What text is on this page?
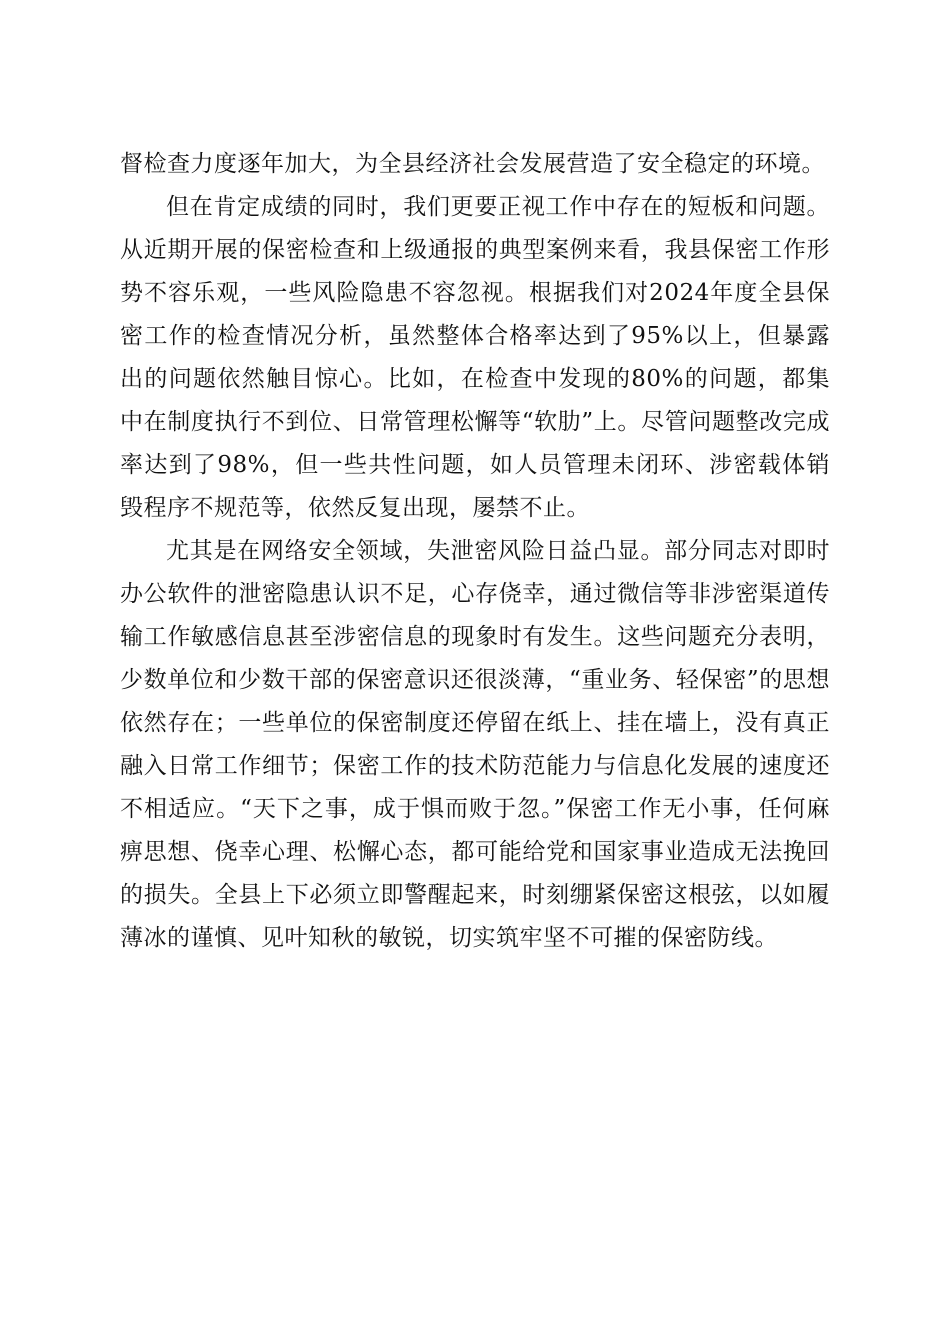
督检查力度逐年加大，为全县经济社会发展营造了安全稳定的环境。

但在肯定成绩的同时，我们更要正视工作中存在的短板和问题。从近期开展的保密检查和上级通报的典型案例来看，我县保密工作形势不容乐观，一些风险隐患不容忽视。根据我们对2024年度全县保密工作的检查情况分析，虽然整体合格率达到了95%以上，但暴露出的问题依然触目惊心。比如，在检查中发现的80%的问题，都集中在制度执行不到位、日常管理松懈等“软肋”上。尽管问题整改完成率达到了98%，但一些共性问题，如人员管理未闭环、涉密载体销毁程序不规范等，依然反复出现，屡禁不止。

尤其是在网络安全领域，失泄密风险日益凸显。部分同志对即时办公软件的泄密隐患认识不足，心存侥幸，通过微信等非涉密渠道传输工作敏感信息甚至涉密信息的现象时有发生。这些问题充分表明，少数单位和少数干部的保密意识还很淡薄，“重业务、轻保密”的思想依然存在；一些单位的保密制度还停留在纸上、挂在墙上，没有真正融入日常工作细节；保密工作的技术防范能力与信息化发展的速度还不相适应。“天下之事，成于惧而败于忽。”保密工作无小事，任何麻痹思想、侥幸心理、松懈心态，都可能给党和国家事业造成无法挽回的损失。全县上下必须立即警醒起来，时刻绷紧保密这根弦，以如履薄冰的谨慎、见叶知秋的敏锐，切实筑牢坚不可摧的保密防线。
